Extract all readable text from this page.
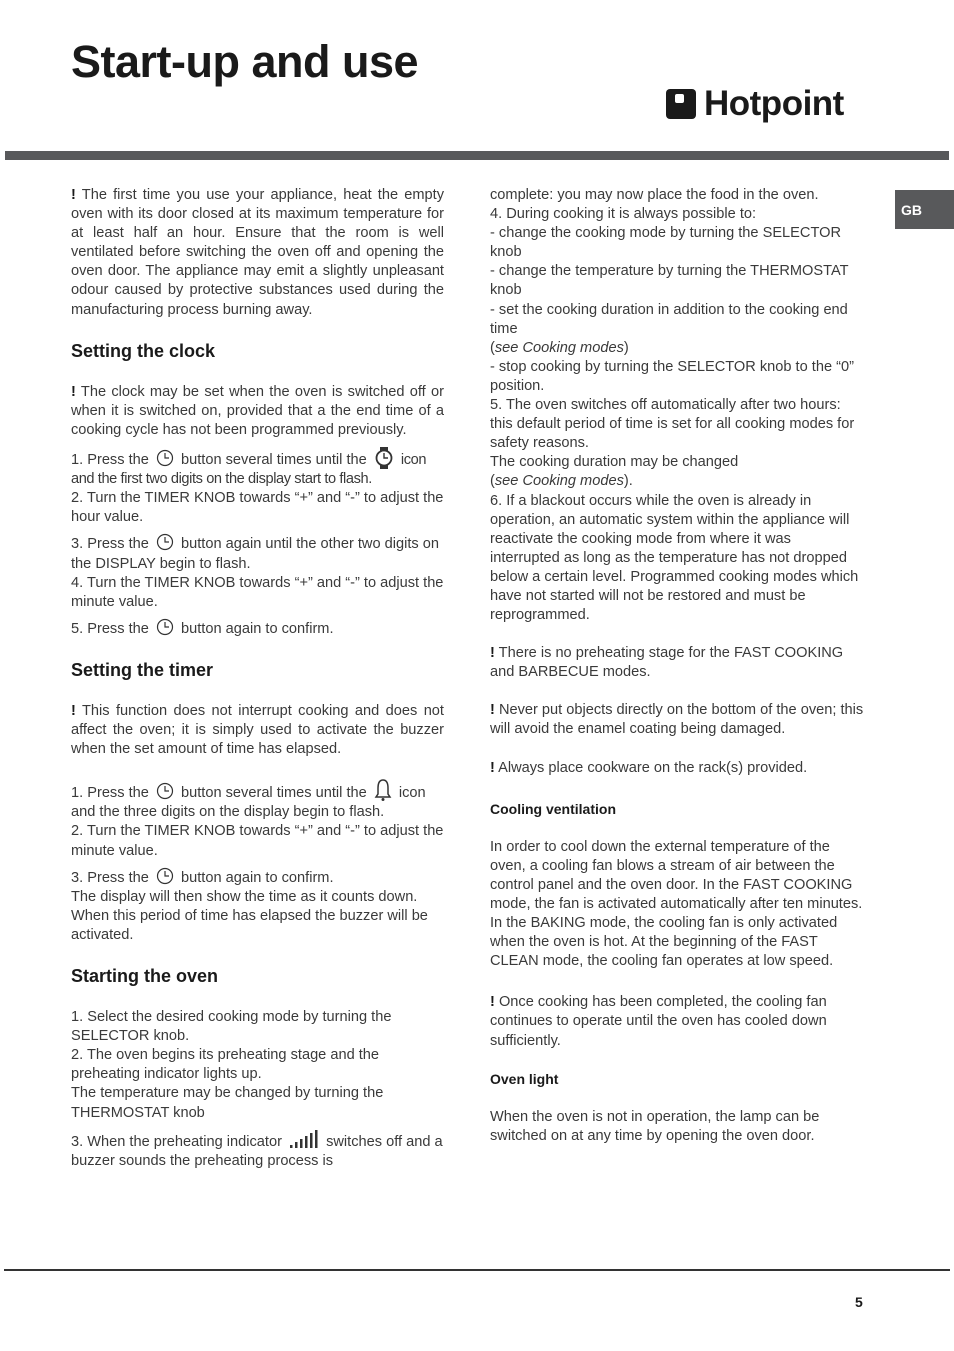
Start-up and use
Hotpoint
GB

! The first time you use your appliance, heat the empty oven with its door closed at its maximum temperature for at least half an hour. Ensure that the room is well ventilated before switching the oven off and opening the oven door. The appliance may emit a slightly unpleasant odour caused by protective substances used during the manufacturing process burning away.

Setting the clock

! The clock may be set when the oven is switched off or when it is switched on, provided that a the end time of a cooking cycle has not been programmed previously.

1. Press the button several times until the icon and the first two digits on the display start to flash.

2. Turn the TIMER KNOB towards “+” and “-” to adjust the hour value.

3. Press the button again until the other two digits on the DISPLAY begin to flash.

4. Turn the TIMER KNOB towards “+” and “-” to adjust the minute value.

5. Press the button again to confirm.

Setting the timer

! This function does not interrupt cooking and does not affect the oven; it is simply used to activate the buzzer when the set amount of time has elapsed.

1. Press the button several times until the icon and the three digits on the display begin to flash.

2. Turn the TIMER KNOB towards “+” and “-” to adjust the minute value.

3. Press the button again to confirm.

The display will then show the time as it counts down. When this period of time has elapsed the buzzer will be activated.

Starting the oven

1. Select the desired cooking mode by turning the SELECTOR knob.

2. The oven begins its preheating stage and the preheating indicator lights up.

The temperature may be changed by turning the THERMOSTAT knob

3. When the preheating indicator	switches off and a buzzer sounds the preheating process is

complete: you may now place the food in the oven.

4. During cooking it is always possible to:

- change the cooking mode by turning the SELECTOR knob

- change the temperature by turning the THERMOSTAT knob

- set the cooking duration in addition to the cooking end time

(see Cooking modes)

- stop cooking by turning the SELECTOR knob to the “0” position.

5. The oven switches off automatically after two hours: this default period of time is set for all cooking modes for safety reasons.

The cooking duration may be changed

(see Cooking modes).

6. If a blackout occurs while the oven is already in operation, an automatic system within the appliance will reactivate the cooking mode from where it was interrupted as long as the temperature has not dropped below a certain level. Programmed cooking modes which have not started will not be restored and must be reprogrammed.

! There is no preheating stage for the FAST COOKING and BARBECUE modes.

! Never put objects directly on the bottom of the oven; this will avoid the enamel coating being damaged.

! Always place cookware on the rack(s) provided.

Cooling ventilation

In order to cool down the external temperature of the oven, a cooling fan blows a stream of air between the control panel and the oven door. In the FAST COOKING mode, the fan is activated automatically after ten minutes. In the BAKING mode, the cooling fan is only activated when the oven is hot. At the beginning of the FAST CLEAN mode, the cooling fan operates at low speed.

! Once cooking has been completed, the cooling fan continues to operate until the oven has cooled down sufficiently.

Oven light

When the oven is not in operation, the lamp can be switched on at any time by opening the oven door.

5
